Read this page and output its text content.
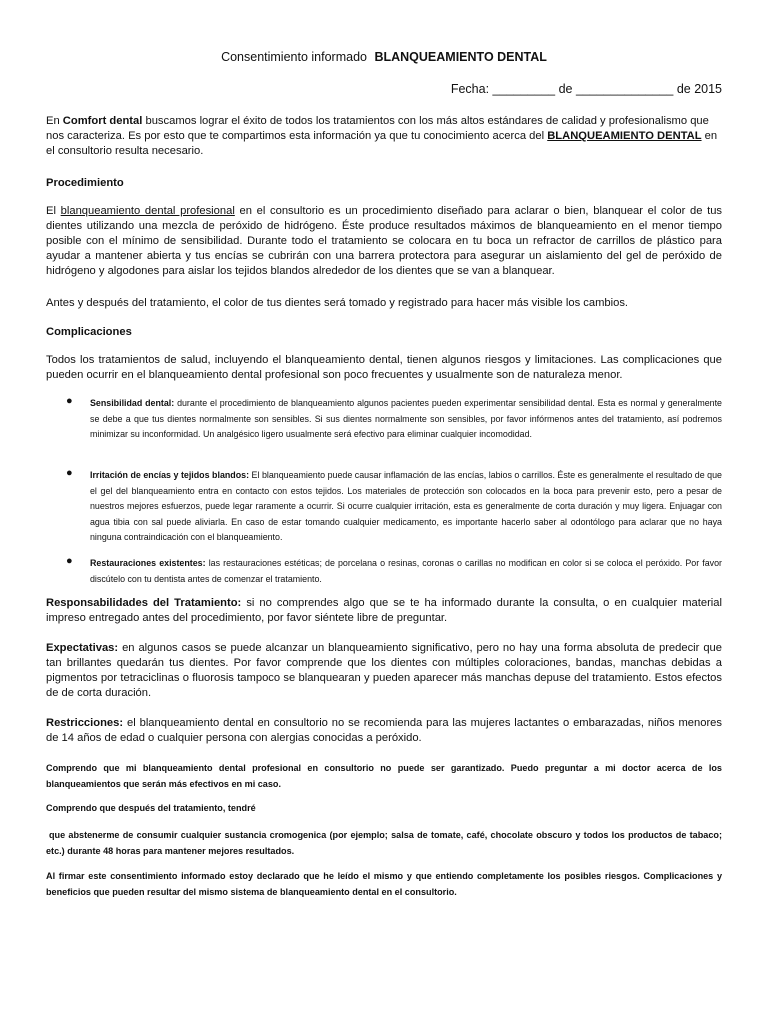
Consentimiento informado BLANQUEAMIENTO DENTAL
Fecha: _________ de ______________ de 2015
En Comfort dental buscamos lograr el éxito de todos los tratamientos con los más altos estándares de calidad y profesionalismo que nos caracteriza. Es por esto que te compartimos esta información ya que tu conocimiento acerca del BLANQUEAMIENTO DENTAL en el consultorio resulta necesario.
Procedimiento
El blanqueamiento dental profesional en el consultorio es un procedimiento diseñado para aclarar o bien, blanquear el color de tus dientes utilizando una mezcla de peróxido de hidrógeno. Éste produce resultados máximos de blanqueamiento en el menor tiempo posible con el mínimo de sensibilidad. Durante todo el tratamiento se colocara en tu boca un refractor de carrillos de plástico para ayudar a mantener abierta y tus encías se cubrirán con una barrera protectora para asegurar un aislamiento del gel de peróxido de hidrógeno y algodones para aislar los tejidos blandos alrededor de los dientes que se van a blanquear.
Antes y después del tratamiento, el color de tus dientes será tomado y registrado para hacer más visible los cambios.
Complicaciones
Todos los tratamientos de salud, incluyendo el blanqueamiento dental, tienen algunos riesgos y limitaciones. Las complicaciones que pueden ocurrir en el blanqueamiento dental profesional son poco frecuentes y usualmente son de naturaleza menor.
● Sensibilidad dental: durante el procedimiento de blanqueamiento algunos pacientes pueden experimentar sensibilidad dental. Esta es normal y generalmente se debe a que tus dientes normalmente son sensibles. Si sus dientes normalmente son sensibles, por favor infórmenos antes del tratamiento, así podremos minimizar su inconformidad. Un analgésico ligero usualmente será efectivo para eliminar cualquier incomodidad.
● Irritación de encías y tejidos blandos: El blanqueamiento puede causar inflamación de las encías, labios o carrillos. Éste es generalmente el resultado de que el gel del blanqueamiento entra en contacto con estos tejidos. Los materiales de protección son colocados en la boca para prevenir esto, pero a pesar de nuestros mejores esfuerzos, puede legar raramente a ocurrir. Si ocurre cualquier irritación, esta es generalmente de corta duración y muy ligera. Enjuagar con agua tibia con sal puede aliviarla. En caso de estar tomando cualquier medicamento, es importante hacerlo saber al odontólogo para aclarar que no haya ninguna contraindicación con el blanqueamiento.
● Restauraciones existentes: las restauraciones estéticas; de porcelana o resinas, coronas o carillas no modifican en color si se coloca el peróxido. Por favor discútelo con tu dentista antes de comenzar el tratamiento.
Responsabilidades del Tratamiento: si no comprendes algo que se te ha informado durante la consulta, o en cualquier material impreso entregado antes del procedimiento, por favor siéntete libre de preguntar.
Expectativas: en algunos casos se puede alcanzar un blanqueamiento significativo, pero no hay una forma absoluta de predecir que tan brillantes quedarán tus dientes. Por favor comprende que los dientes con múltiples coloraciones, bandas, manchas debidas a pigmentos por tetraciclinas o fluorosis tampoco se blanquearan y pueden aparecer más manchas depuse del tratamiento. Estos efectos de de corta duración.
Restricciones: el blanqueamiento dental en consultorio no se recomienda para las mujeres lactantes o embarazadas, niños menores de 14 años de edad o cualquier persona con alergias conocidas a peróxido.
Comprendo que mi blanqueamiento dental profesional en consultorio no puede ser garantizado. Puedo preguntar a mi doctor acerca de los blanqueamientos que serán más efectivos en mi caso.
Comprendo que después del tratamiento, tendré
que abstenerme de consumir cualquier sustancia cromogenica (por ejemplo; salsa de tomate, café, chocolate obscuro y todos los productos de tabaco; etc.) durante 48 horas para mantener mejores resultados.
Al firmar este consentimiento informado estoy declarado que he leído el mismo y que entiendo completamente los posibles riesgos. Complicaciones y beneficios que pueden resultar del mismo sistema de blanqueamiento dental en el consultorio.
